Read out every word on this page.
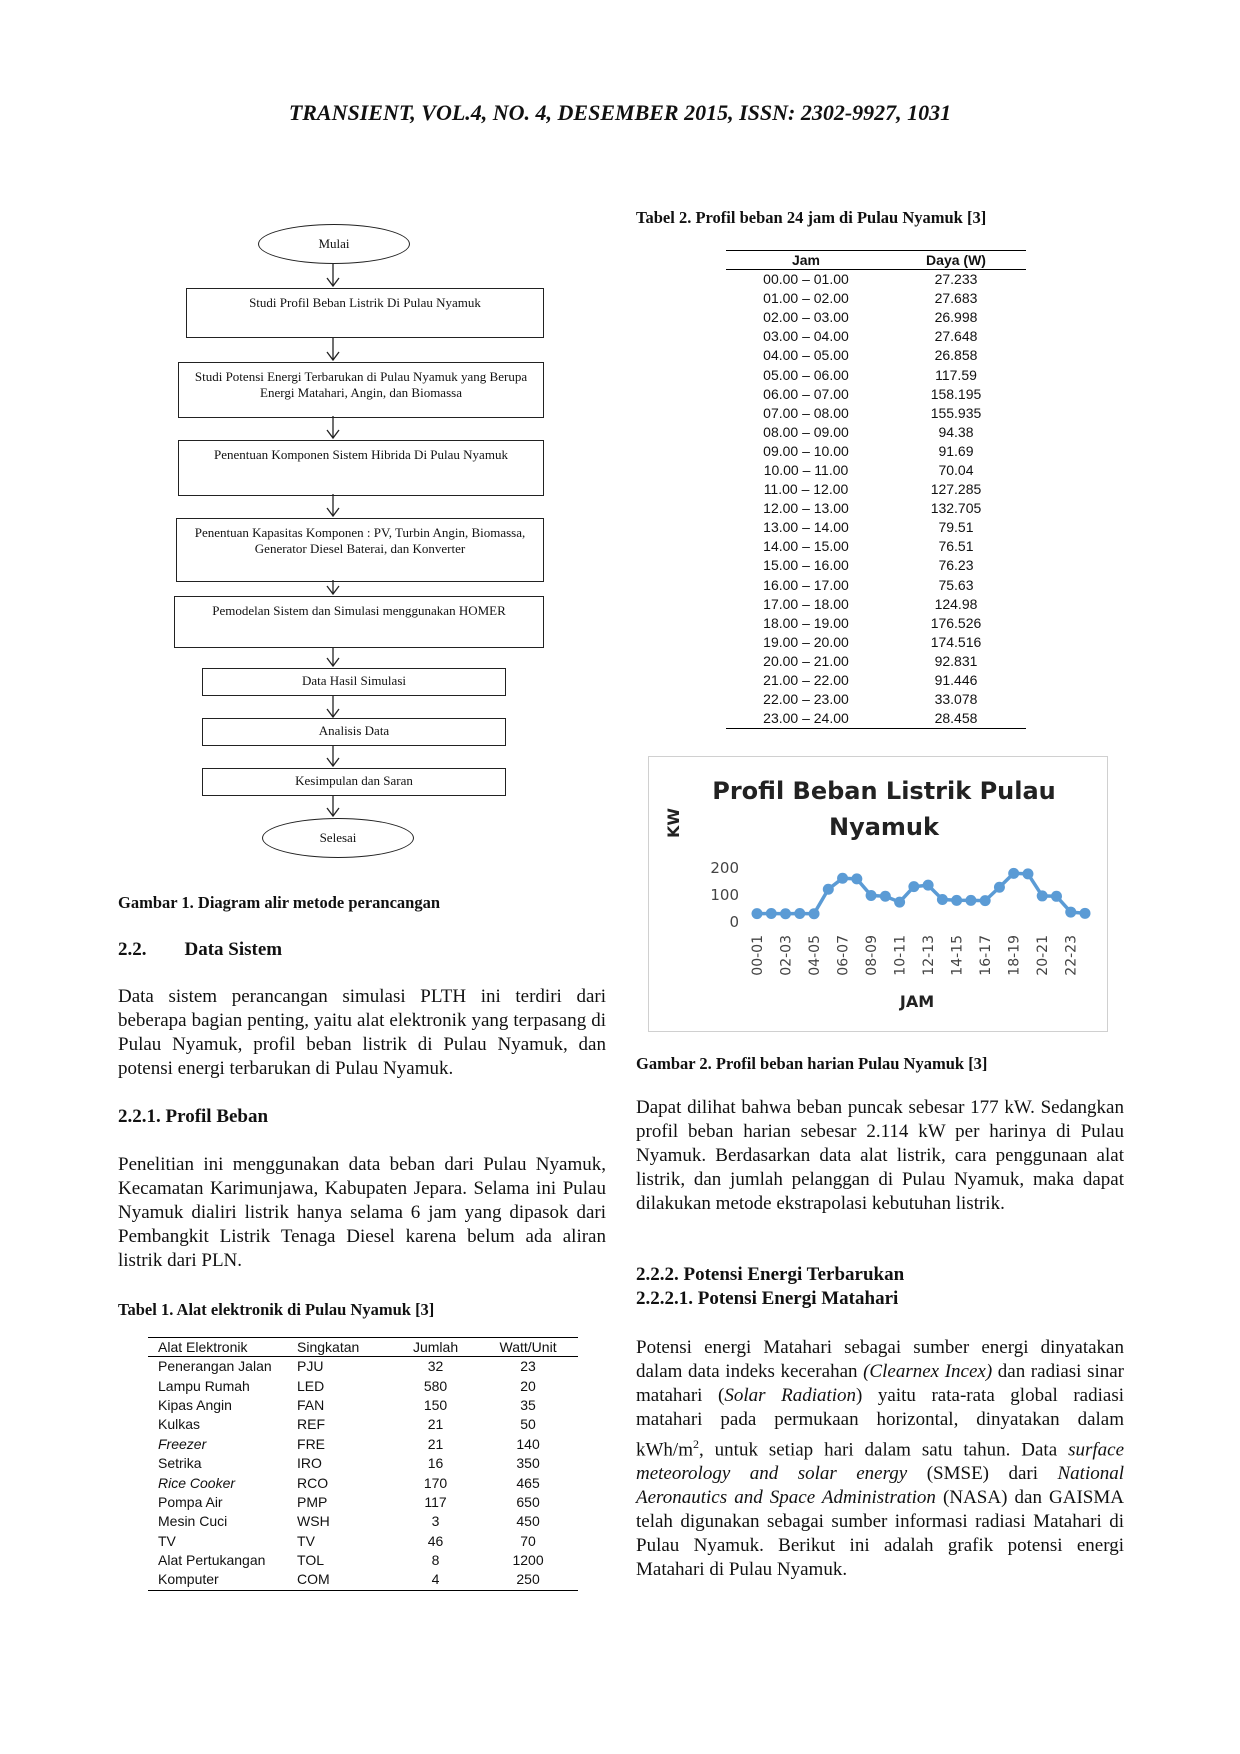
TRANSIENT, VOL.4, NO. 4, DESEMBER 2015, ISSN: 2302-9927, 1031
Mulai
Studi Profil Beban Listrik Di Pulau Nyamuk
Studi Potensi Energi Terbarukan di Pulau Nyamuk yang Berupa Energi Matahari, Angin, dan Biomassa
Penentuan Komponen Sistem Hibrida Di Pulau Nyamuk
Penentuan Kapasitas Komponen : PV, Turbin Angin, Biomassa, Generator Diesel Baterai, dan Konverter
Pemodelan Sistem dan Simulasi menggunakan HOMER
Data Hasil Simulasi
Analisis Data
Kesimpulan dan Saran
Selesai
Gambar 1. Diagram alir metode perancangan
2.2.  Data Sistem

Data sistem perancangan simulasi PLTH ini terdiri dari beberapa bagian penting, yaitu alat elektronik yang terpasang di Pulau Nyamuk, profil beban listrik di Pulau Nyamuk, dan potensi energi terbarukan di Pulau Nyamuk.

2.2.1. Profil Beban

Penelitian ini menggunakan data beban dari Pulau Nyamuk, Kecamatan Karimunjawa, Kabupaten Jepara. Selama ini Pulau Nyamuk dialiri listrik hanya selama 6 jam yang dipasok dari Pembangkit Listrik Tenaga Diesel karena belum ada aliran listrik dari PLN.

Tabel 1. Alat elektronik di Pulau Nyamuk [3]
Alat Elektronik	Singkatan	Jumlah	Watt/Unit
Penerangan Jalan	PJU	32	23
Lampu Rumah	LED	580	20
Kipas Angin	FAN	150	35
Kulkas	REF	21	50
Freezer	FRE	21	140
Setrika	IRO	16	350
Rice Cooker	RCO	170	465
Pompa Air	PMP	117	650
Mesin Cuci	WSH	3	450
TV	TV	46	70
Alat Pertukangan	TOL	8	1200
Komputer	COM	4	250
Tabel 2. Profil beban 24 jam di Pulau Nyamuk [3]
Jam	Daya (W)
00.00 – 01.00	27.233
01.00 – 02.00	27.683
02.00 – 03.00	26.998
03.00 – 04.00	27.648
04.00 – 05.00	26.858
05.00 – 06.00	117.59
06.00 – 07.00	158.195
07.00 – 08.00	155.935
08.00 – 09.00	94.38
09.00 – 10.00	91.69
10.00 – 11.00	70.04
11.00 – 12.00	127.285
12.00 – 13.00	132.705
13.00 – 14.00	79.51
14.00 – 15.00	76.51
15.00 – 16.00	76.23
16.00 – 17.00	75.63
17.00 – 18.00	124.98
18.00 – 19.00	176.526
19.00 – 20.00	174.516
20.00 – 21.00	92.831
21.00 – 22.00	91.446
22.00 – 23.00	33.078
23.00 – 24.00	28.458
Profil Beban Listrik Pulau
Nyamuk
KW
JAM
0
100
200
00-01 02-03 04-05 06-07 08-09 10-11 12-13 14-15 16-17 18-19 20-21 22-23
Gambar 2. Profil beban harian Pulau Nyamuk [3]

Dapat dilihat bahwa beban puncak sebesar 177 kW. Sedangkan profil beban harian sebesar 2.114 kW per harinya di Pulau Nyamuk. Berdasarkan data alat listrik, cara penggunaan alat listrik, dan jumlah pelanggan di Pulau Nyamuk, maka dapat dilakukan metode ekstrapolasi kebutuhan listrik.

2.2.2. Potensi Energi Terbarukan
2.2.2.1. Potensi Energi Matahari

Potensi energi Matahari sebagai sumber energi dinyatakan dalam data indeks kecerahan (Clearnex Incex) dan radiasi sinar matahari (Solar Radiation) yaitu rata-rata global radiasi matahari pada permukaan horizontal, dinyatakan dalam kWh/$m^2$, untuk setiap hari dalam satu tahun. Data surface meteorology and solar energy (SMSE) dari National Aeronautics and Space Administration (NASA) dan GAISMA telah digunakan sebagai sumber informasi radiasi Matahari di Pulau Nyamuk. Berikut ini adalah grafik potensi energi Matahari di Pulau Nyamuk.
